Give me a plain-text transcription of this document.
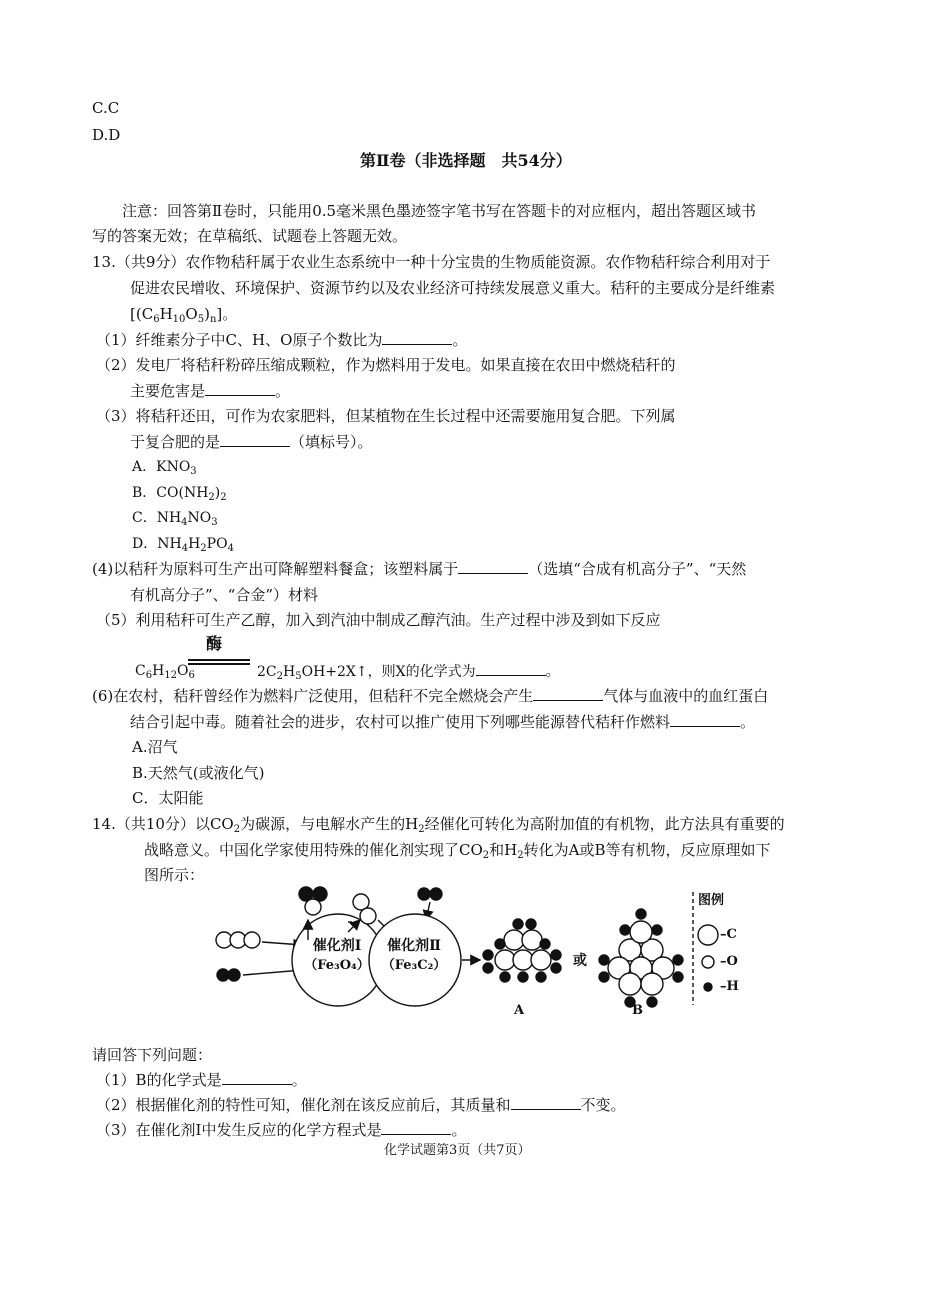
C.C
D.D
第Ⅱ卷（非选择题　共54分）
注意：回答第Ⅱ卷时，只能用0.5毫米黑色墨迹签字笔书写在答题卡的对应框内，超出答题区域书
写的答案无效；在草稿纸、试题卷上答题无效。
13.（共9分）农作物秸秆属于农业生态系统中一种十分宝贵的生物质能资源。农作物秸秆综合利用对于
促进农民增收、环境保护、资源节约以及农业经济可持续发展意义重大。秸秆的主要成分是纤维素
$[(C_6H_{10}O_5)_n]$。
（1）纤维素分子中C、H、O原子个数比为	。
（2）发电厂将秸秆粉碎压缩成颗粒，作为燃料用于发电。如果直接在农田中燃烧秸秆的
主要危害是	。
（3）将秸秆还田，可作为农家肥料，但某植物在生长过程中还需要施用复合肥。下列属
于复合肥的是	（填标号）。
A．$KNO_3$
B．$CO(NH_2)_2$
C．$NH_4NO_3$
D．$NH_4H_2PO_4$
(4)以秸秆为原料可生产出可降解塑料餐盒；该塑料属于	（选填“合成有机高分子”、“天然
有机高分子”、“合金”）材料
（5）利用秸秆可生产乙醇，加入到汽油中制成乙醇汽油。生产过程中涉及到如下反应
酶
$C_6H_{12}O_6$	$2C_2H_5OH+2X↑$，则X的化学式为	。
(6)在农村，秸秆曾经作为燃料广泛使用，但秸秆不完全燃烧会产生	气体与血液中的血红蛋白
结合引起中毒。随着社会的进步，农村可以推广使用下列哪些能源替代秸秆作燃料	。
A.沼气
B.天然气(或液化气)
C．太阳能
14.（共10分）以$CO_2$为碳源，与电解水产生的$H_2$经催化可转化为高附加值的有机物，此方法具有重要的
战略意义。中国化学家使用特殊的催化剂实现了$CO_2$和$H_2$转化为A或B等有机物，反应原理如下
图所示：
催化剂Ⅰ
（Fe₃O₄）
催化剂Ⅱ
（Fe₃C₂）	或
A	B
图例
–C
–O
–H
请回答下列问题：
（1）B的化学式是	。
（2）根据催化剂的特性可知，催化剂在该反应前后，其质量和	不变。
（3）在催化剂Ⅰ中发生反应的化学方程式是	。
化学试题第3页（共7页）
